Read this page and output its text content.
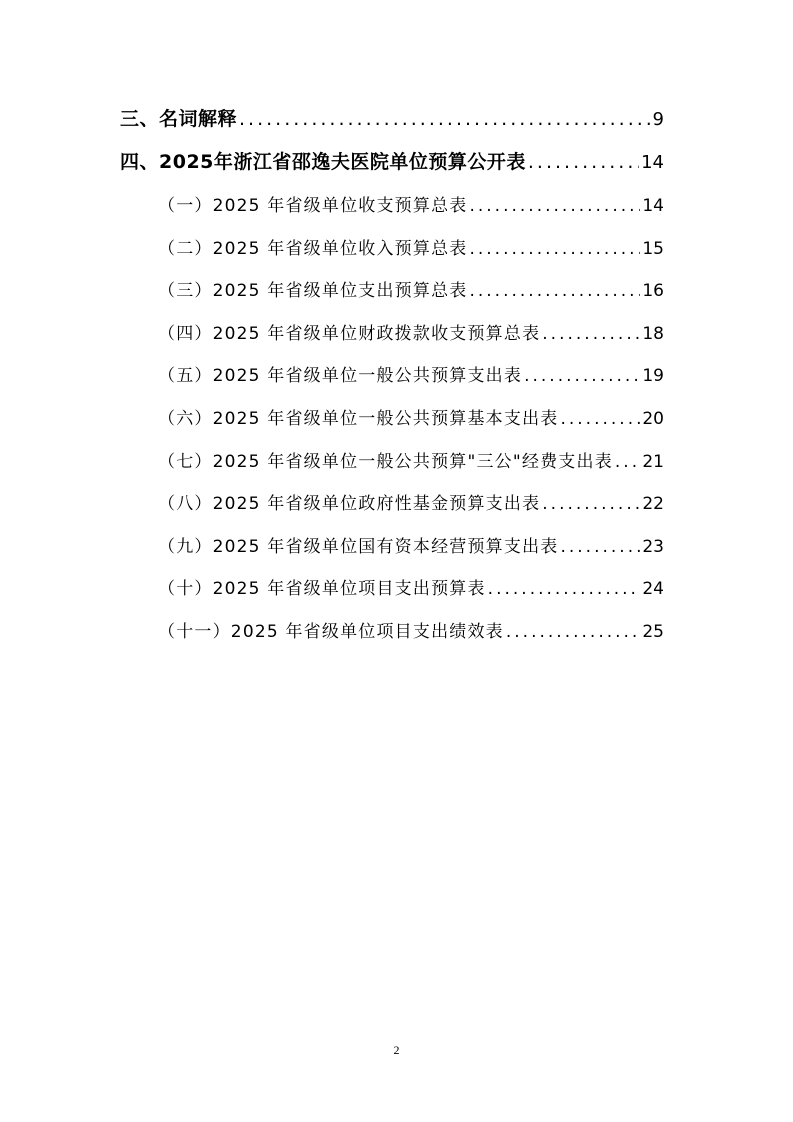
三、名词解释 .....	9
四、2025年浙江省邵逸夫医院单位预算公开表 .....	14
（一）2025 年省级单位收支预算总表 .....	14
（二）2025 年省级单位收入预算总表 .....	15
（三）2025 年省级单位支出预算总表 .....	16
（四）2025 年省级单位财政拨款收支预算总表 .....	18
（五）2025 年省级单位一般公共预算支出表 .....	19
（六）2025 年省级单位一般公共预算基本支出表 .....	20
（七）2025 年省级单位一般公共预算"三公"经费支出表 ..... 21
（八）2025 年省级单位政府性基金预算支出表 .....	22
（九）2025 年省级单位国有资本经营预算支出表 .....	23
（十）2025 年省级单位项目支出预算表 .....	24
（十一）2025 年省级单位项目支出绩效表 .....	25
2
